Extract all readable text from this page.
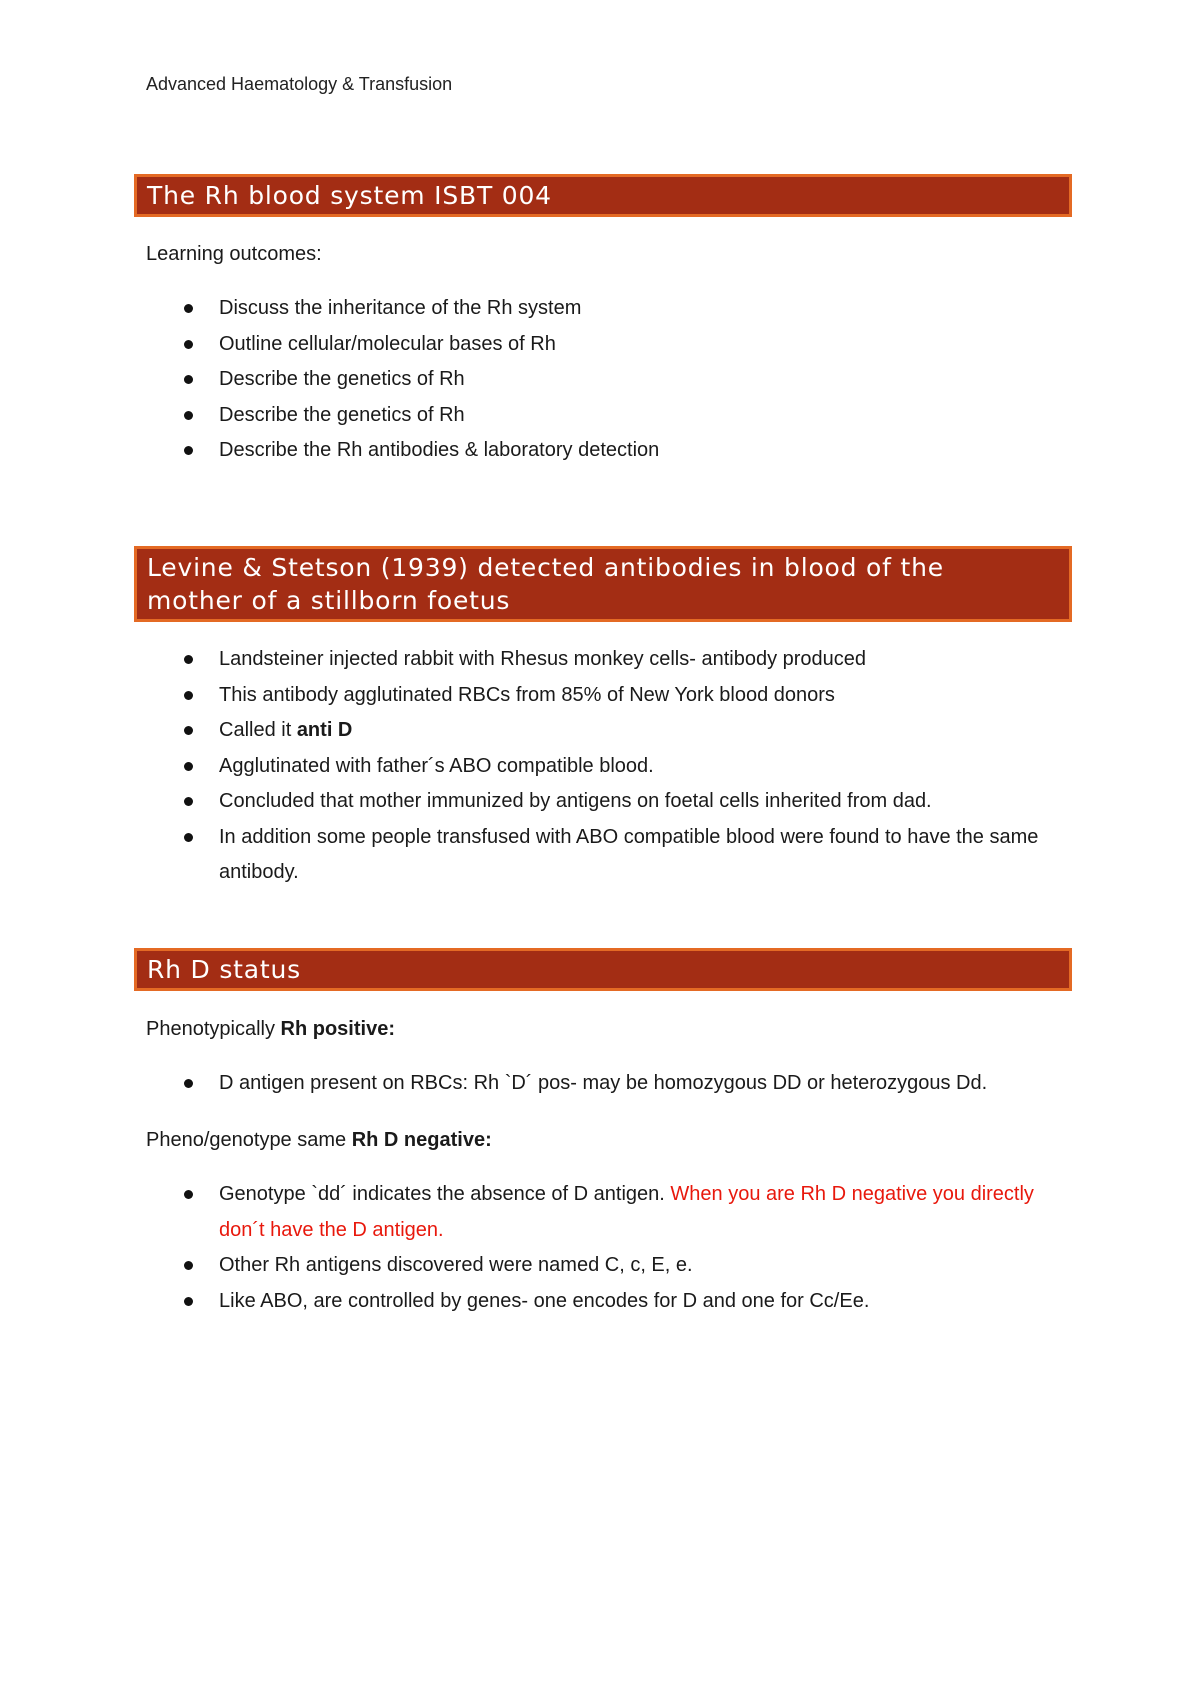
Advanced Haematology & Transfusion
The Rh blood system ISBT 004
Learning outcomes:
Discuss the inheritance of the Rh system
Outline cellular/molecular bases of Rh
Describe the genetics of Rh
Describe the genetics of Rh
Describe the Rh antibodies & laboratory detection
Levine & Stetson (1939) detected antibodies in blood of the
mother of a stillborn foetus
Landsteiner injected rabbit with Rhesus monkey cells- antibody produced
This antibody agglutinated RBCs from 85% of New York blood donors
Called it anti D
Agglutinated with father´s ABO compatible blood.
Concluded that mother immunized by antigens on foetal cells inherited from dad.
In addition some people transfused with ABO compatible blood were found to have the same antibody.
Rh D status
Phenotypically Rh positive:
D antigen present on RBCs: Rh `D´ pos- may be homozygous DD or heterozygous Dd.
Pheno/genotype same Rh D negative:
Genotype `dd´ indicates the absence of D antigen. When you are Rh D negative you directly don´t have the D antigen.
Other Rh antigens discovered were named C, c, E, e.
Like ABO, are controlled by genes- one encodes for D and one for Cc/Ee.
